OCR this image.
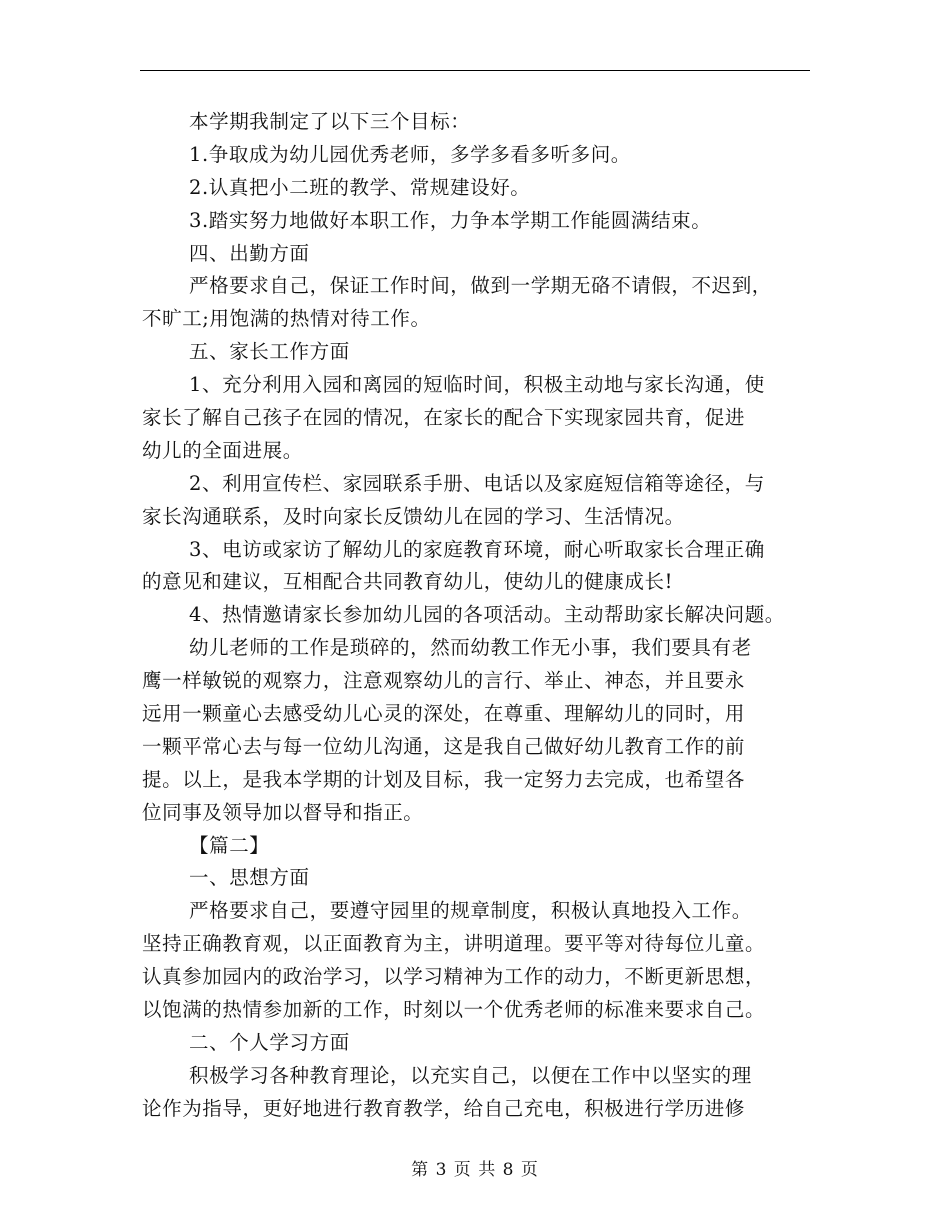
本学期我制定了以下三个目标：
1.争取成为幼儿园优秀老师，多学多看多听多问。
2.认真把小二班的教学、常规建设好。
3.踏实努力地做好本职工作，力争本学期工作能圆满结束。
四、出勤方面
严格要求自己，保证工作时间，做到一学期无硌不请假，不迟到，
不旷工;用饱满的热情对待工作。
五、家长工作方面
1、充分利用入园和离园的短临时间，积极主动地与家长沟通，使
家长了解自己孩子在园的情况，在家长的配合下实现家园共育，促进
幼儿的全面进展。
2、利用宣传栏、家园联系手册、电话以及家庭短信箱等途径，与
家长沟通联系，及时向家长反馈幼儿在园的学习、生活情况。
3、电访或家访了解幼儿的家庭教育环境，耐心听取家长合理正确
的意见和建议，互相配合共同教育幼儿，使幼儿的健康成长!
4、热情邀请家长参加幼儿园的各项活动。主动帮助家长解决问题。
幼儿老师的工作是琐碎的，然而幼教工作无小事，我们要具有老
鹰一样敏锐的观察力，注意观察幼儿的言行、举止、神态，并且要永
远用一颗童心去感受幼儿心灵的深处，在尊重、理解幼儿的同时，用
一颗平常心去与每一位幼儿沟通，这是我自己做好幼儿教育工作的前
提。以上，是我本学期的计划及目标，我一定努力去完成，也希望各
位同事及领导加以督导和指正。
【篇二】
一、思想方面
严格要求自己，要遵守园里的规章制度，积极认真地投入工作。
坚持正确教育观，以正面教育为主，讲明道理。要平等对待每位儿童。
认真参加园内的政治学习，以学习精神为工作的动力，不断更新思想，
以饱满的热情参加新的工作，时刻以一个优秀老师的标准来要求自己。
二、个人学习方面
积极学习各种教育理论，以充实自己，以便在工作中以坚实的理
论作为指导，更好地进行教育教学，给自己充电，积极进行学历进修
第 3 页 共 8 页
